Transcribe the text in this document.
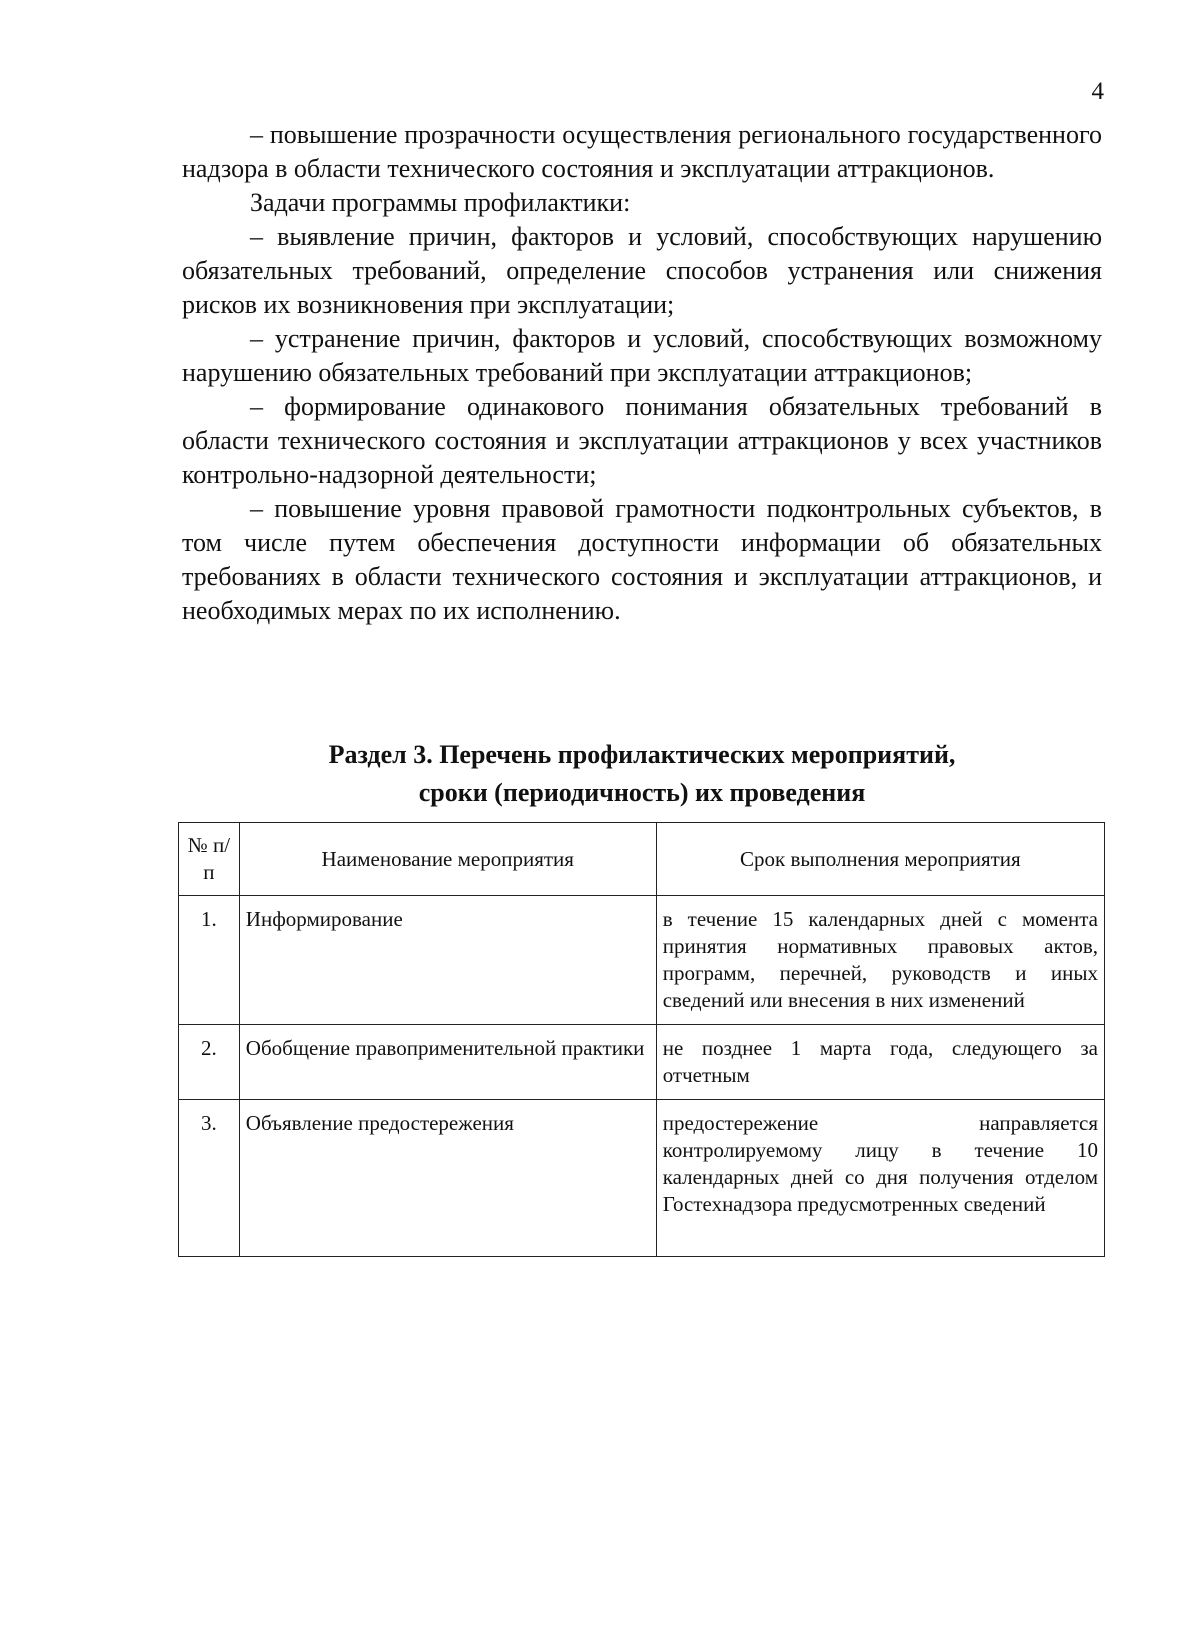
4

– повышение прозрачности осуществления регионального государственного надзора в области технического состояния и эксплуатации аттракционов.

Задачи программы профилактики:

– выявление причин, факторов и условий, способствующих нарушению обязательных требований, определение способов устранения или снижения рисков их возникновения при эксплуатации;

– устранение причин, факторов и условий, способствующих возможному нарушению обязательных требований при эксплуатации аттракционов;

– формирование одинакового понимания обязательных требований в области технического состояния и эксплуатации аттракционов у всех участников контрольно-надзорной деятельности;

– повышение уровня правовой грамотности подконтрольных субъектов, в том числе путем обеспечения доступности информации об обязательных требованиях в области технического состояния и эксплуатации аттракционов, и необходимых мерах по их исполнению.

Раздел 3. Перечень профилактических мероприятий,
сроки (периодичность) их проведения
№ п/п	Наименование мероприятия	Срок выполнения мероприятия
1.	Информирование	в течение 15 календарных дней с момента принятия нормативных правовых актов, программ, перечней, руководств и иных сведений или внесения в них изменений
2.	Обобщение правоприменительной практики	не позднее 1 марта года, следующего за отчетным
3.	Объявление предостережения	предостережение направляется контролируемому лицу в течение 10 календарных дней со дня получения отделом Гостехнадзора предусмотренных сведений
